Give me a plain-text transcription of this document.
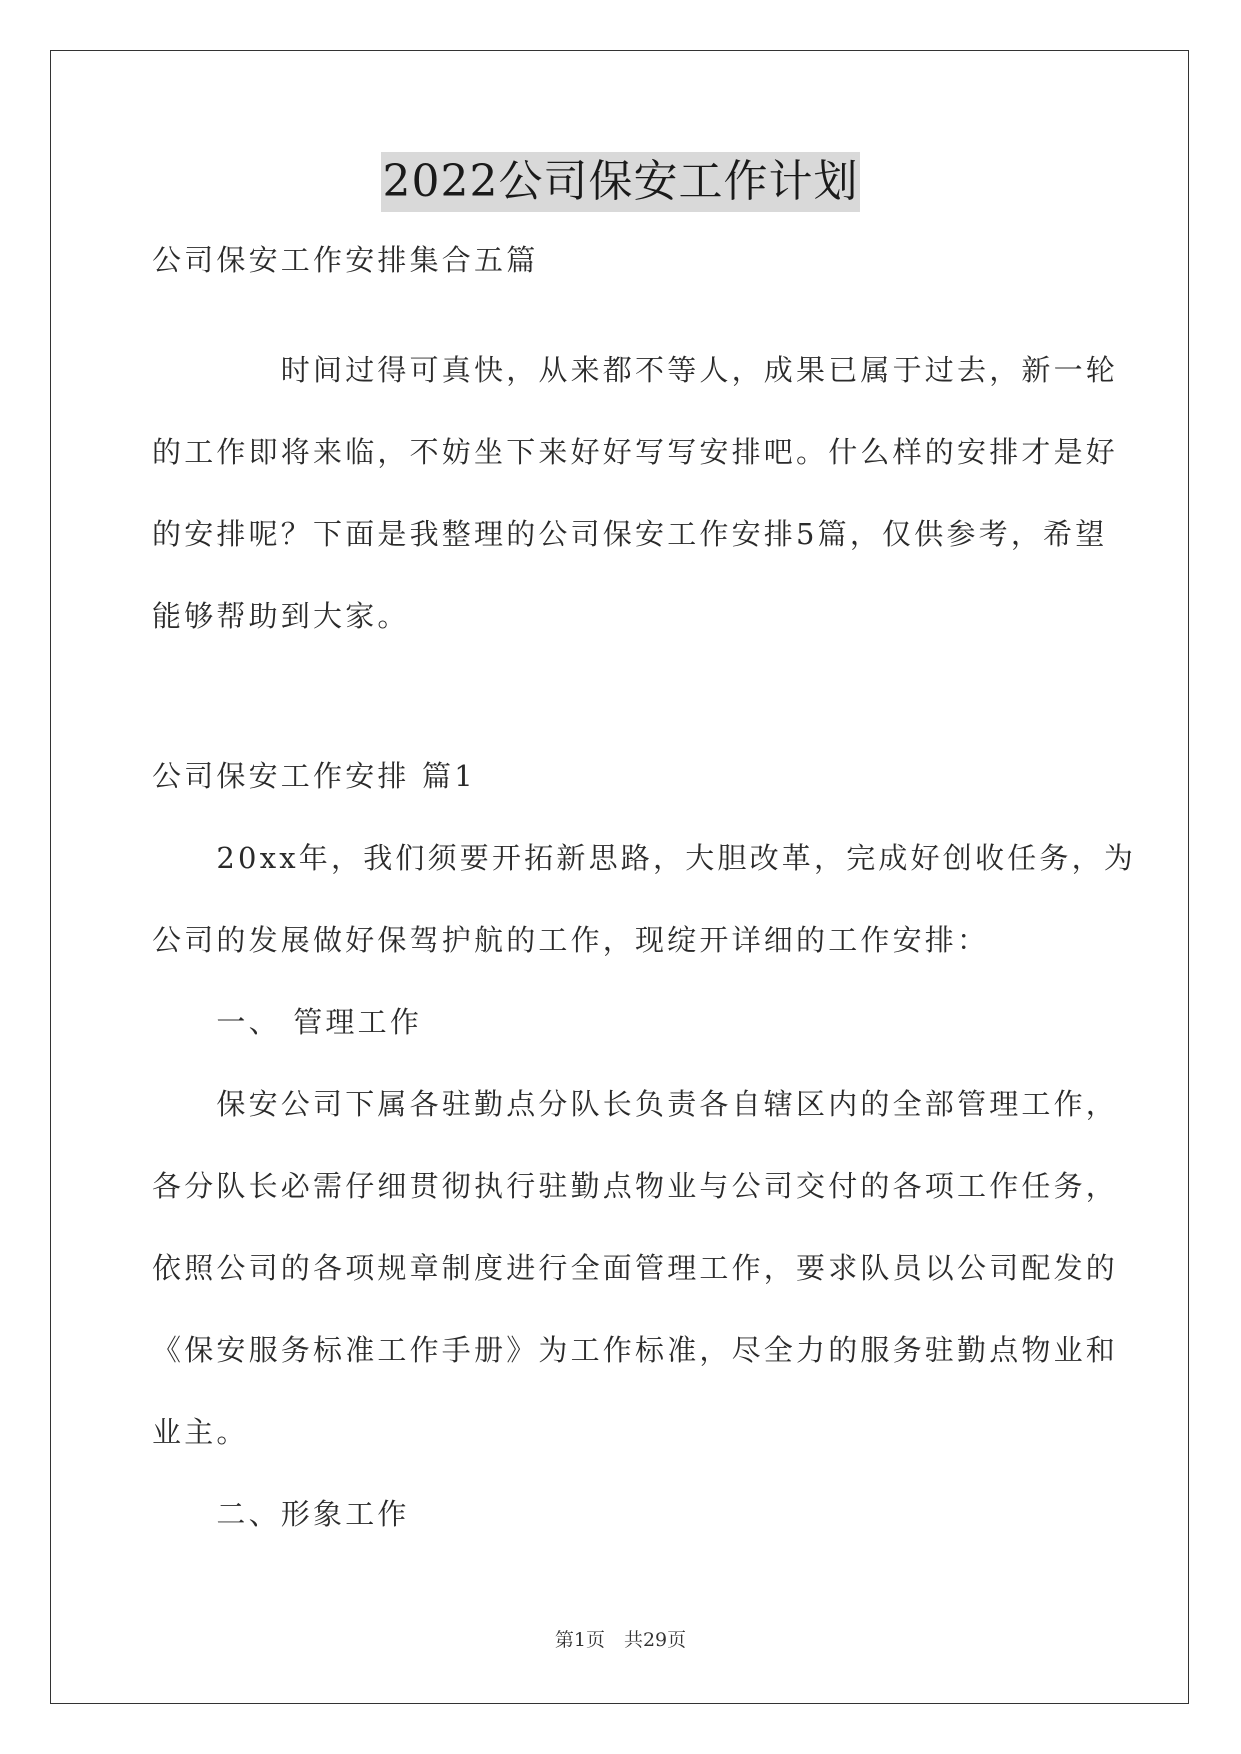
2022公司保安工作计划
公司保安工作安排集合五篇
　　　　时间过得可真快，从来都不等人，成果已属于过去，新一轮
的工作即将来临，不妨坐下来好好写写安排吧。什么样的安排才是好
的安排呢？下面是我整理的公司保安工作安排5篇，仅供参考，希望
能够帮助到大家。
公司保安工作安排 篇1
　　20xx年，我们须要开拓新思路，大胆改革，完成好创收任务，为
公司的发展做好保驾护航的工作，现绽开详细的工作安排：
　　一、 管理工作
　　保安公司下属各驻勤点分队长负责各自辖区内的全部管理工作，
各分队长必需仔细贯彻执行驻勤点物业与公司交付的各项工作任务，
依照公司的各项规章制度进行全面管理工作，要求队员以公司配发的
《保安服务标准工作手册》为工作标准，尽全力的服务驻勤点物业和
业主。
　　二、形象工作
第1页　共29页
